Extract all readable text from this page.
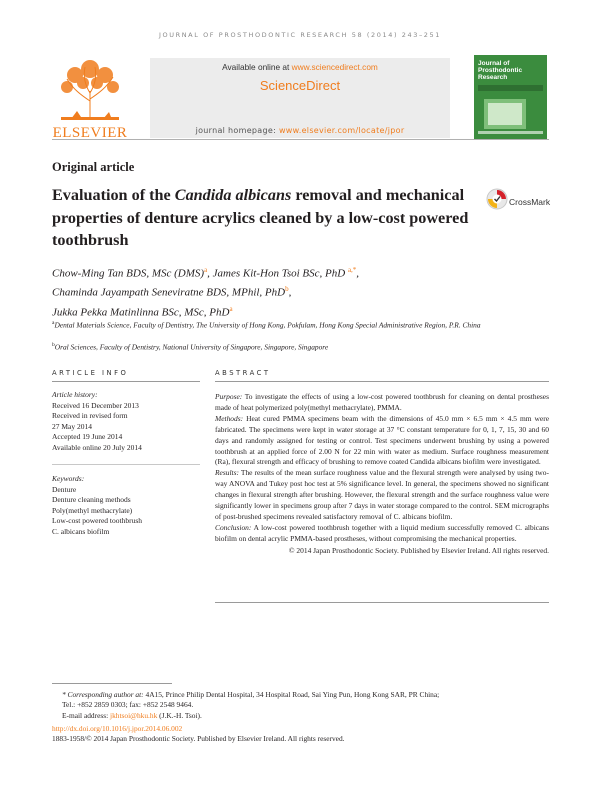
JOURNAL OF PROSTHODONTIC RESEARCH 58 (2014) 243–251
ELSEVIER
Available online at www.sciencedirect.com
ScienceDirect
journal homepage: www.elsevier.com/locate/jpor
Journal of Prosthodontic Research
Original article
Evaluation of the Candida albicans removal and mechanical properties of denture acrylics cleaned by a low-cost powered toothbrush
CrossMark
Chow-Ming Tan BDS, MSc (DMS)$^a$, James Kit-Hon Tsoi BSc, PhD $^{a,*}$,
Chaminda Jayampath Seneviratne BDS, MPhil, PhD$^b$,
Jukka Pekka Matinlinna BSc, MSc, PhD$^a$
$^a$Dental Materials Science, Faculty of Dentistry, The University of Hong Kong, Pokfulam, Hong Kong Special Administrative Region, P.R. China
$^b$Oral Sciences, Faculty of Dentistry, National University of Singapore, Singapore, Singapore
ARTICLE INFO
Article history:
Received 16 December 2013
Received in revised form
27 May 2014
Accepted 19 June 2014
Available online 20 July 2014
Keywords:
Denture
Denture cleaning methods
Poly(methyl methacrylate)
Low-cost powered toothbrush
C. albicans biofilm
ABSTRACT

Purpose: To investigate the effects of using a low-cost powered toothbrush for cleaning on dental prostheses made of heat polymerized poly(methyl methacrylate), PMMA.

Methods: Heat cured PMMA specimens beam with the dimensions of 45.0 mm × 6.5 mm × 4.5 mm were fabricated. The specimens were kept in water storage at 37 °C constant temperature for 0, 1, 7, 15, 30 and 60 days and randomly assigned for testing or control. Test specimens underwent brushing by using a powered toothbrush at an applied force of 2.00 N for 22 min with water as medium. Surface roughness measurement (Ra), flexural strength and efficacy of brushing to remove coated Candida albicans biofilm were investigated.

Results: The results of the mean surface roughness value and the flexural strength were analysed by using two-way ANOVA and Tukey post hoc test at 5% significance level. In general, the specimens showed no significant changes in flexural strength after brushing. However, the flexural strength and the surface roughness value were significantly lower in specimens group after 7 days in water storage compared to the control. SEM micrographs of post-brushed specimens revealed satisfactory removal of C. albicans biofilm.

Conclusion: A low-cost powered toothbrush together with a liquid medium successfully removed C. albicans biofilm on dental acrylic PMMA-based prostheses, without compromising the mechanical properties.

© 2014 Japan Prosthodontic Society. Published by Elsevier Ireland. All rights reserved.

* Corresponding author at: 4A15, Prince Philip Dental Hospital, 34 Hospital Road, Sai Ying Pun, Hong Kong SAR, PR China;
Tel.: +852 2859 0303; fax: +852 2548 9464.
E-mail address: jkhtsoi@hku.hk (J.K.-H. Tsoi).
http://dx.doi.org/10.1016/j.jpor.2014.06.002
1883-1958/© 2014 Japan Prosthodontic Society. Published by Elsevier Ireland. All rights reserved.
